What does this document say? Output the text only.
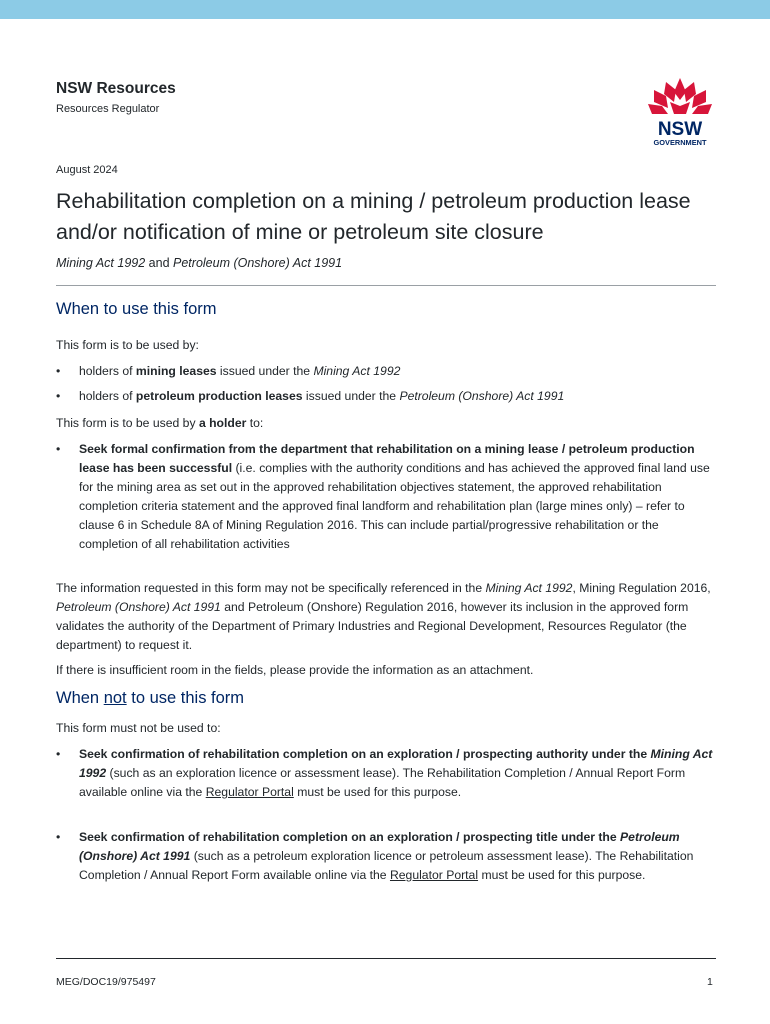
NSW Resources
Resources Regulator
NSW
GOVERNMENT
August 2024
Rehabilitation completion on a mining / petroleum production lease and/or notification of mine or petroleum site closure
Mining Act 1992 and Petroleum (Onshore) Act 1991
When to use this form

This form is to be used by:

• holders of mining leases issued under the Mining Act 1992
• holders of petroleum production leases issued under the Petroleum (Onshore) Act 1991

This form is to be used by a holder to:

• Seek formal confirmation from the department that rehabilitation on a mining lease / petroleum production lease has been successful (i.e. complies with the authority conditions and has achieved the approved final land use for the mining area as set out in the approved rehabilitation objectives statement, the approved rehabilitation completion criteria statement and the approved final landform and rehabilitation plan (large mines only) – refer to clause 6 in Schedule 8A of Mining Regulation 2016. This can include partial/progressive rehabilitation or the completion of all rehabilitation activities

The information requested in this form may not be specifically referenced in the Mining Act 1992, Mining Regulation 2016, Petroleum (Onshore) Act 1991 and Petroleum (Onshore) Regulation 2016, however its inclusion in the approved form validates the authority of the Department of Primary Industries and Regional Development, Resources Regulator (the department) to request it.

If there is insufficient room in the fields, please provide the information as an attachment.

When not to use this form

This form must not be used to:

• Seek confirmation of rehabilitation completion on an exploration / prospecting authority under the Mining Act 1992 (such as an exploration licence or assessment lease). The Rehabilitation Completion / Annual Report Form available online via the Regulator Portal must be used for this purpose.
• Seek confirmation of rehabilitation completion on an exploration / prospecting title under the Petroleum (Onshore) Act 1991 (such as a petroleum exploration licence or petroleum assessment lease). The Rehabilitation Completion / Annual Report Form available online via the Regulator Portal must be used for this purpose.
MEG/DOC19/975497	1
